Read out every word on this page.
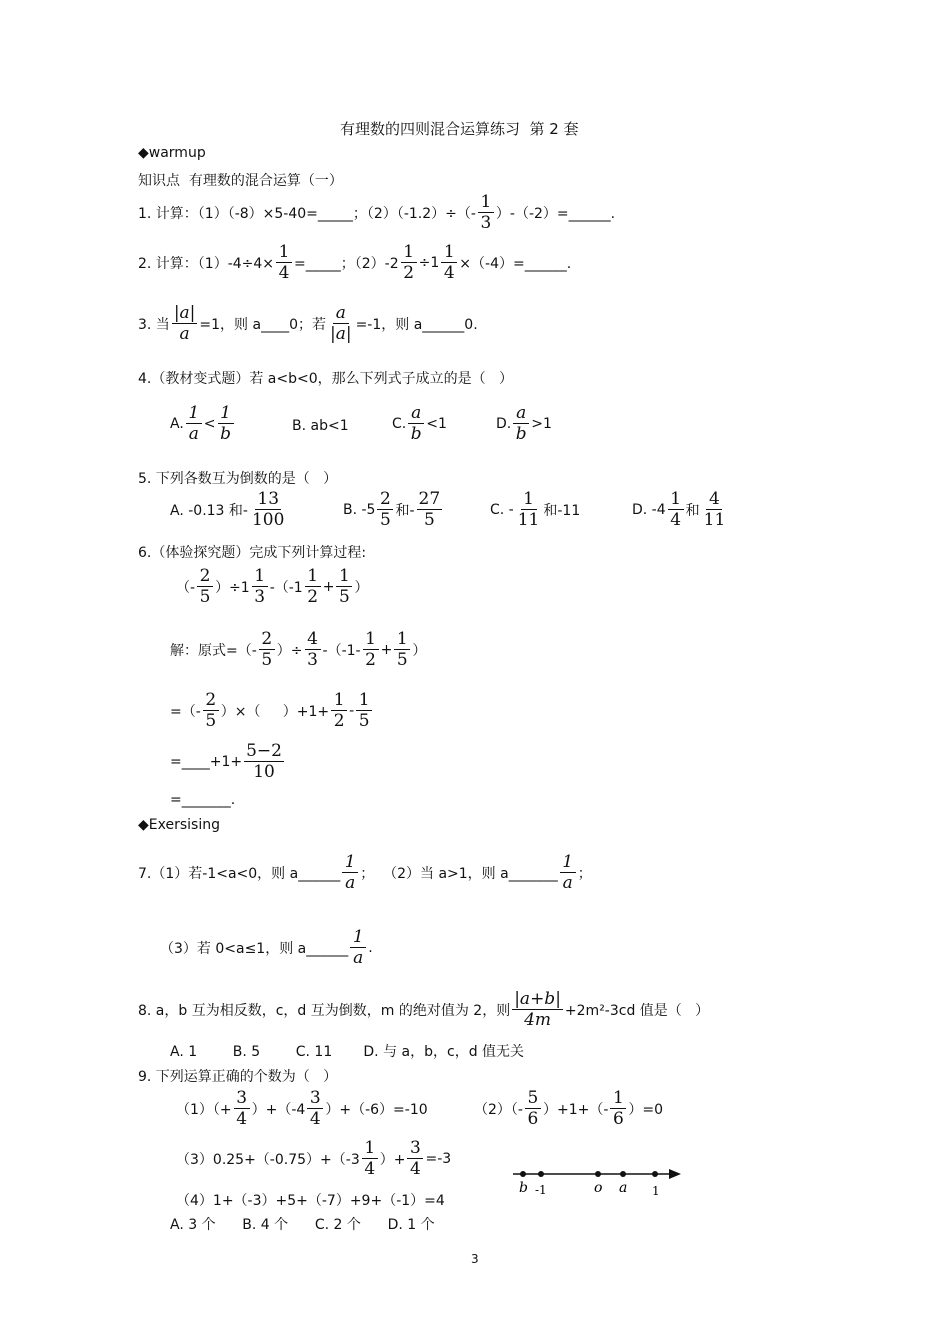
有理数的四则混合运算练习  第 2 套
◆warmup
知识点  有理数的混合运算（一）
1. 计算：（1）（-8）×5-40=_____；$(2)(-1.2)\div(- \frac{1}{3}$ ）-（-2）=______.
2. 计算：$(1)-4\div 4\times \frac{1}{4}$ =_____；$(2)-2 \frac{1}{2} \div 1 \frac{1}{4}$ ×（-4）=______.
3. 当 $\frac{|a|}{a} =1$，则 a____0；若 $\frac{a}{|a|} =-1$，则 a______0.
4.（教材变式题）若 a<b<0，那么下列式子成立的是（   ）
A. $\frac{1}{a} < \frac{1}{b}$	B. ab<1	C. $\frac{a}{b} <1$	D. $\frac{a}{b} >1$
5. 下列各数互为倒数的是（   ）
A. -0.13 和- $\frac{13}{100}$	B. $-5 \frac{2}{5}$ 和- $\frac{27}{5}$	C. - $\frac{1}{11}$ 和-11	D. $-4 \frac{1}{4}$ 和 $\frac{4}{11}$
6.（体验探究题）完成下列计算过程:
（- $\frac{2}{5} )\div 1 \frac{1}{3} -(-1 \frac{1}{2} + \frac{1}{5}$ ）
解：原式=（- $\frac{2}{5}$ ）÷ $\frac{4}{3} -(-1- \frac{1}{2} + \frac{1}{5}$ ）
=（- $\frac{2}{5}$ ）×（     ）$+1+ \frac{1}{2} - \frac{1}{5}$
=____+1+ $\frac{5-2}{10}$
=_______.
◆Exersising
7.（1）若-1<a<0，则 a______ $\frac{1}{a}$ ；  （2）当 a>1，则 a_______ $\frac{1}{a}$ ；
（3）若 0<a≤1，则 a______ $\frac{1}{a}$ .
8. a，b 互为相反数，c，d 互为倒数，m 的绝对值为 2，则 $\frac{|a+b|}{4m} +2m^2-3cd$ 值是（   ）
A. 1        B. 5        C. 11       D. 与 a，b，c，d 值无关
9. 下列运算正确的个数为（   ）
$(1)(+ \frac{3}{4} )+(-4 \frac{3}{4} )+(-6)=-10$	$(2)(- \frac{5}{6} )+1+(- \frac{1}{6} )=0$
$(3)0.25+(-0.75)+(-3 \frac{1}{4}$ ）+ $\frac{3}{4} =-3$
（4）1+（-3）+5+（-7）+9+（-1）=4
A. 3 个      B. 4 个      C. 2 个      D. 1 个
b -1	o a 1
3
